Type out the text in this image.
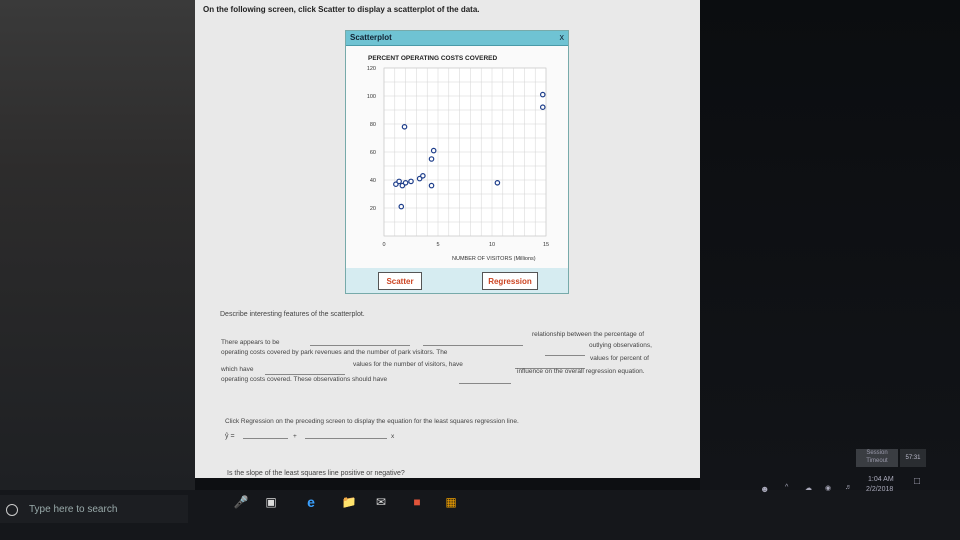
On the following screen, click Scatter to display a scatterplot of the data.
Scatterplot	x
PERCENT OPERATING COSTS COVERED
20
40
60
80
100
120
0	5	10	15
NUMBER OF VISITORS (Millions)
Scatter	Regression
Describe interesting features of the scatterplot.
There appears to be
relationship between the percentage of
operating costs covered by park revenues and the number of park visitors. The
outlying observations,
which have
values for the number of visitors, have
values for percent of
operating costs covered. These observations should have
influence on the overall regression equation.
Click Regression on the preceding screen to display the equation for the least squares regression line.
ŷ =	+	x
Is the slope of the least squares line positive or negative?
Session Timeout	57:31
Type here to search
🎤 ▣	e	📁	✉	■	▦
☻ ^ ☁ ◉ ♬
1:04 AM
2/2/2018
□
